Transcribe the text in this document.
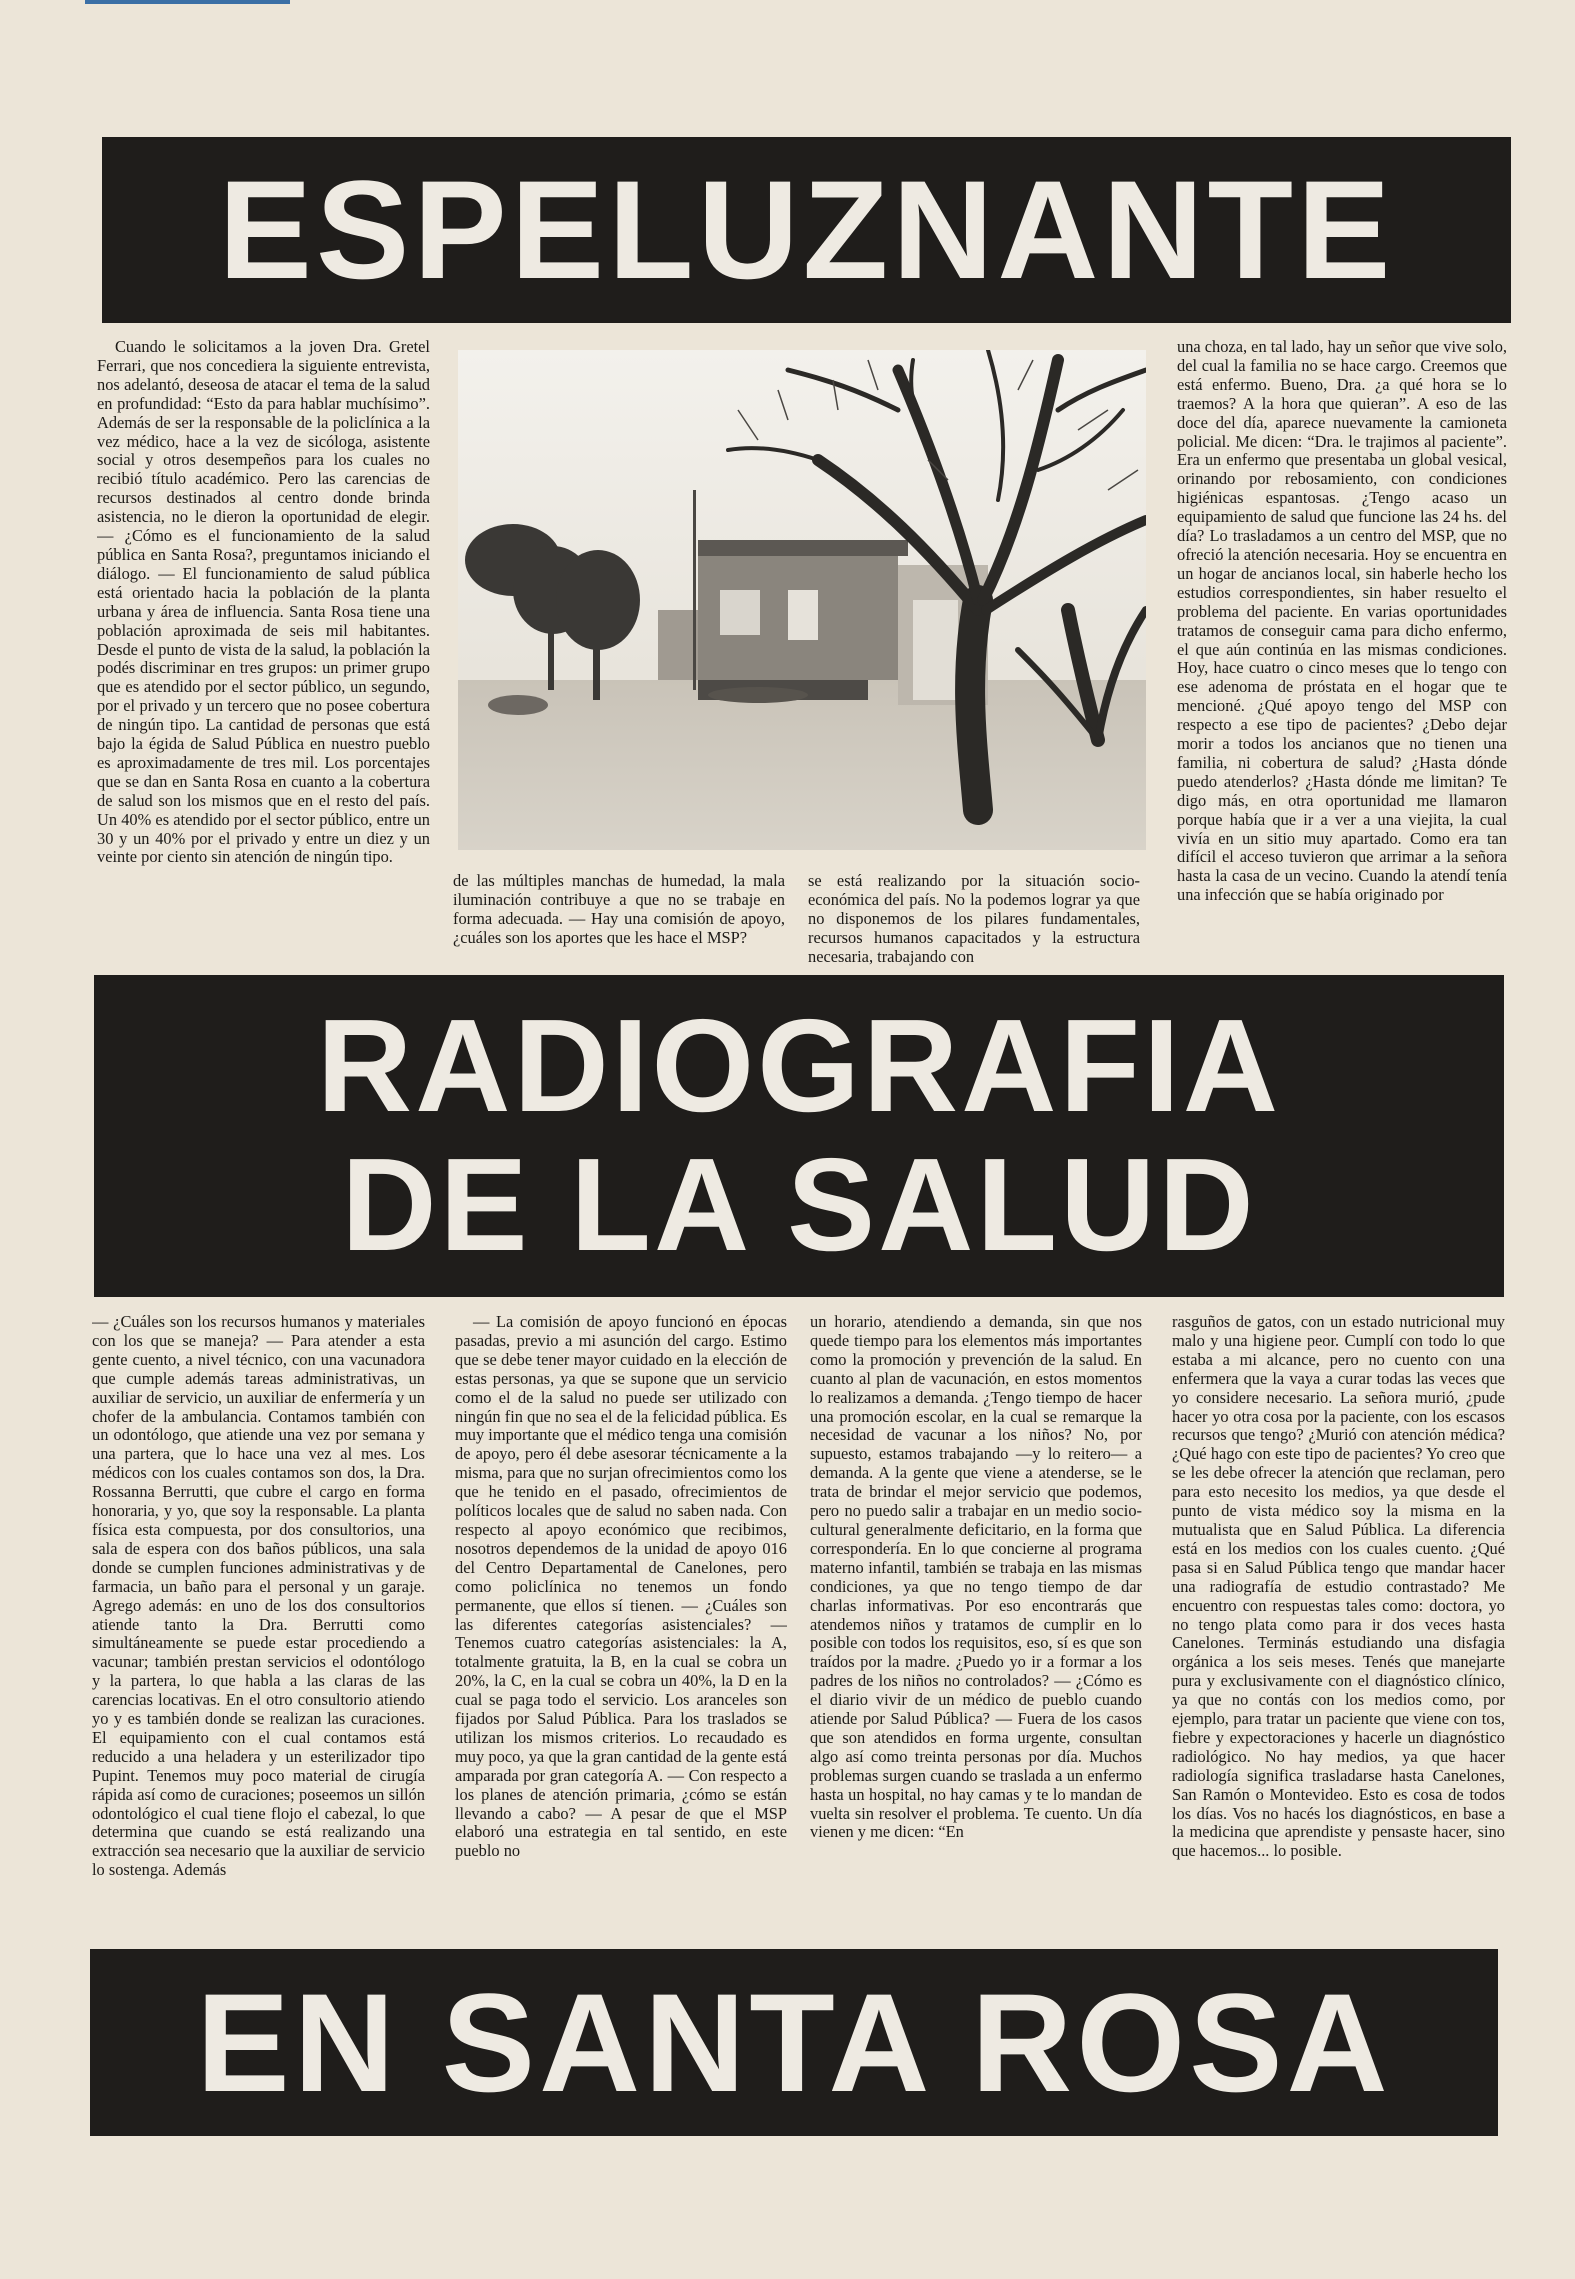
ESPELUZNANTE

Cuando le solicitamos a la joven Dra. Gretel Ferrari, que nos concediera la siguiente entrevista, nos adelantó, deseosa de atacar el tema de la salud en profundidad: “Esto da para hablar muchísimo”. Además de ser la responsable de la policlínica a la vez médico, hace a la vez de sicóloga, asistente social y otros desempeños para los cuales no recibió título académico. Pero las carencias de recursos destinados al centro donde brinda asistencia, no le dieron la oportunidad de elegir. — ¿Cómo es el funcionamiento de la salud pública en Santa Rosa?, preguntamos iniciando el diálogo. — El funcionamiento de salud pública está orientado hacia la población de la planta urbana y área de influencia. Santa Rosa tiene una población aproximada de seis mil habitantes. Desde el punto de vista de la salud, la población la podés discriminar en tres grupos: un primer grupo que es atendido por el sector público, un segundo, por el privado y un tercero que no posee cobertura de ningún tipo. La cantidad de personas que está bajo la égida de Salud Pública en nuestro pueblo es aproximadamente de tres mil. Los porcentajes que se dan en Santa Rosa en cuanto a la cobertura de salud son los mismos que en el resto del país. Un 40% es atendido por el sector público, entre un 30 y un 40% por el privado y entre un diez y un veinte por ciento sin atención de ningún tipo.

de las múltiples manchas de humedad, la mala iluminación contribuye a que no se trabaje en forma adecuada. — Hay una comisión de apoyo, ¿cuáles son los aportes que les hace el MSP?

se está realizando por la situación socio-económica del país. No la podemos lograr ya que no disponemos de los pilares fundamentales, recursos humanos capacitados y la estructura necesaria, trabajando con

una choza, en tal lado, hay un señor que vive solo, del cual la familia no se hace cargo. Creemos que está enfermo. Bueno, Dra. ¿a qué hora se lo traemos? A la hora que quieran”. A eso de las doce del día, aparece nuevamente la camioneta policial. Me dicen: “Dra. le trajimos al paciente”. Era un enfermo que presentaba un global vesical, orinando por rebosamiento, con condiciones higiénicas espantosas. ¿Tengo acaso un equipamiento de salud que funcione las 24 hs. del día? Lo trasladamos a un centro del MSP, que no ofreció la atención necesaria. Hoy se encuentra en un hogar de ancianos local, sin haberle hecho los estudios correspondientes, sin haber resuelto el problema del paciente. En varias oportunidades tratamos de conseguir cama para dicho enfermo, el que aún continúa en las mismas condiciones. Hoy, hace cuatro o cinco meses que lo tengo con ese adenoma de próstata en el hogar que te mencioné. ¿Qué apoyo tengo del MSP con respecto a ese tipo de pacientes? ¿Debo dejar morir a todos los ancianos que no tienen una familia, ni cobertura de salud? ¿Hasta dónde puedo atenderlos? ¿Hasta dónde me limitan? Te digo más, en otra oportunidad me llamaron porque había que ir a ver a una viejita, la cual vivía en un sitio muy apartado. Como era tan difícil el acceso tuvieron que arrimar a la señora hasta la casa de un vecino. Cuando la atendí tenía una infección que se había originado por

RADIOGRAFIA
DE LA SALUD

— ¿Cuáles son los recursos humanos y materiales con los que se maneja? — Para atender a esta gente cuento, a nivel técnico, con una vacunadora que cumple además tareas administrativas, un auxiliar de servicio, un auxiliar de enfermería y un chofer de la ambulancia. Contamos también con un odontólogo, que atiende una vez por semana y una partera, que lo hace una vez al mes. Los médicos con los cuales contamos son dos, la Dra. Rossanna Berrutti, que cubre el cargo en forma honoraria, y yo, que soy la responsable. La planta física esta compuesta, por dos consultorios, una sala de espera con dos baños públicos, una sala donde se cumplen funciones administrativas y de farmacia, un baño para el personal y un garaje. Agrego además: en uno de los dos consultorios atiende tanto la Dra. Berrutti como simultáneamente se puede estar procediendo a vacunar; también prestan servicios el odontólogo y la partera, lo que habla a las claras de las carencias locativas. En el otro consultorio atiendo yo y es también donde se realizan las curaciones. El equipamiento con el cual contamos está reducido a una heladera y un esterilizador tipo Pupint. Tenemos muy poco material de cirugía rápida así como de curaciones; poseemos un sillón odontológico el cual tiene flojo el cabezal, lo que determina que cuando se está realizando una extracción sea necesario que la auxiliar de servicio lo sostenga. Además

— La comisión de apoyo funcionó en épocas pasadas, previo a mi asunción del cargo. Estimo que se debe tener mayor cuidado en la elección de estas personas, ya que se supone que un servicio como el de la salud no puede ser utilizado con ningún fin que no sea el de la felicidad pública. Es muy importante que el médico tenga una comisión de apoyo, pero él debe asesorar técnicamente a la misma, para que no surjan ofrecimientos como los que he tenido en el pasado, ofrecimientos de políticos locales que de salud no saben nada. Con respecto al apoyo económico que recibimos, nosotros dependemos de la unidad de apoyo 016 del Centro Departamental de Canelones, pero como policlínica no tenemos un fondo permanente, que ellos sí tienen. — ¿Cuáles son las diferentes categorías asistenciales? — Tenemos cuatro categorías asistenciales: la A, totalmente gratuita, la B, en la cual se cobra un 20%, la C, en la cual se cobra un 40%, la D en la cual se paga todo el servicio. Los aranceles son fijados por Salud Pública. Para los traslados se utilizan los mismos criterios. Lo recaudado es muy poco, ya que la gran cantidad de la gente está amparada por gran categoría A. — Con respecto a los planes de atención primaria, ¿cómo se están llevando a cabo? — A pesar de que el MSP elaboró una estrategia en tal sentido, en este pueblo no

un horario, atendiendo a demanda, sin que nos quede tiempo para los elementos más importantes como la promoción y prevención de la salud. En cuanto al plan de vacunación, en estos momentos lo realizamos a demanda. ¿Tengo tiempo de hacer una promoción escolar, en la cual se remarque la necesidad de vacunar a los niños? No, por supuesto, estamos trabajando —y lo reitero— a demanda. A la gente que viene a atenderse, se le trata de brindar el mejor servicio que podemos, pero no puedo salir a trabajar en un medio socio-cultural generalmente deficitario, en la forma que correspondería. En lo que concierne al programa materno infantil, también se trabaja en las mismas condiciones, ya que no tengo tiempo de dar charlas informativas. Por eso encontrarás que atendemos niños y tratamos de cumplir en lo posible con todos los requisitos, eso, sí es que son traídos por la madre. ¿Puedo yo ir a formar a los padres de los niños no controlados? — ¿Cómo es el diario vivir de un médico de pueblo cuando atiende por Salud Pública? — Fuera de los casos que son atendidos en forma urgente, consultan algo así como treinta personas por día. Muchos problemas surgen cuando se traslada a un enfermo hasta un hospital, no hay camas y te lo mandan de vuelta sin resolver el problema. Te cuento. Un día vienen y me dicen: “En

rasguños de gatos, con un estado nutricional muy malo y una higiene peor. Cumplí con todo lo que estaba a mi alcance, pero no cuento con una enfermera que la vaya a curar todas las veces que yo considere necesario. La señora murió, ¿pude hacer yo otra cosa por la paciente, con los escasos recursos que tengo? ¿Murió con atención médica? ¿Qué hago con este tipo de pacientes? Yo creo que se les debe ofrecer la atención que reclaman, pero para esto necesito los medios, ya que desde el punto de vista médico soy la misma en la mutualista que en Salud Pública. La diferencia está en los medios con los cuales cuento. ¿Qué pasa si en Salud Pública tengo que mandar hacer una radiografía de estudio contrastado? Me encuentro con respuestas tales como: doctora, yo no tengo plata como para ir dos veces hasta Canelones. Terminás estudiando una disfagia orgánica a los seis meses. Tenés que manejarte pura y exclusivamente con el diagnóstico clínico, ya que no contás con los medios como, por ejemplo, para tratar un paciente que viene con tos, fiebre y expectoraciones y hacerle un diagnóstico radiológico. No hay medios, ya que hacer radiología significa trasladarse hasta Canelones, San Ramón o Montevideo. Esto es cosa de todos los días. Vos no hacés los diagnósticos, en base a la medicina que aprendiste y pensaste hacer, sino que hacemos... lo posible.

EN SANTA ROSA
